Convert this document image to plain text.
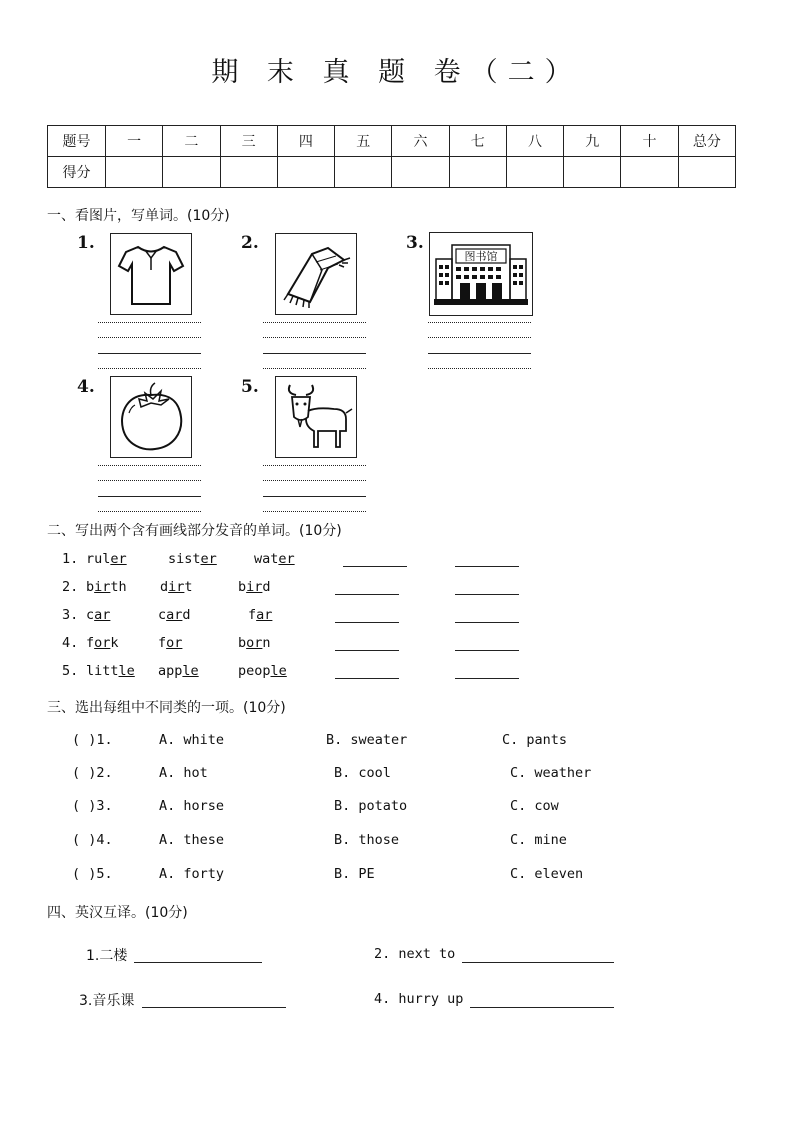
期 末 真 题 卷（二）
题号	一	二	三	四	五	六	七	八	九	十	总分
得分											
一、看图片，写单词。(10分)
1.	2.	3.
图书馆
4.	5.
二、写出两个含有画线部分发音的单词。(10分)
1. ruler	sister	water
2. birth dirt	bird
3. car	card	far
4. fork	for	born
5. little apple	people
三、选出每组中不同类的一项。(10分)
( )1.	A. white	B. sweater	C. pants
( )2.	A. hot	B. cool	C. weather
( )3.	A. horse	B. potato	C. cow
( )4.	A. these	B. those	C. mine
( )5.	A. forty	B. PE	C. eleven
四、英汉互译。(10分)
1.二楼	2. next to
3.音乐课	4. hurry up
